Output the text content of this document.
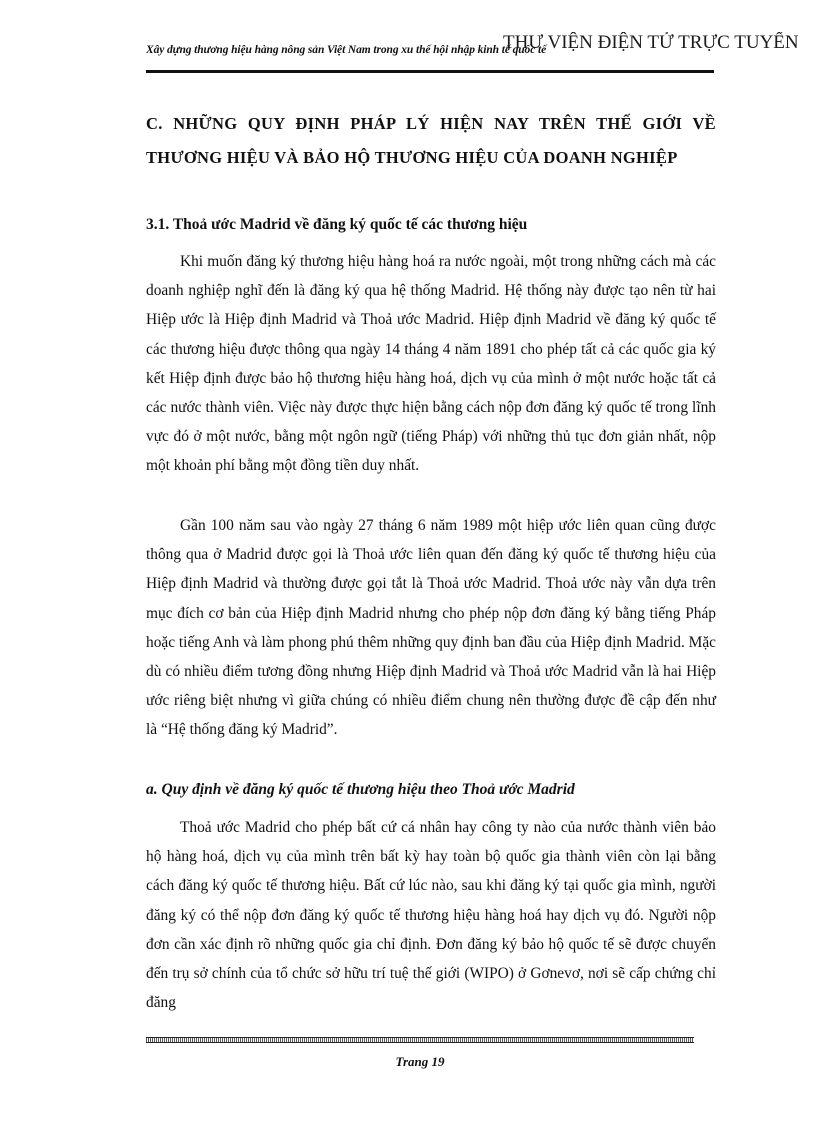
Xây dựng thương hiệu hàng nông sản Việt Nam trong xu thế hội nhập kinh tế quốc tế
THƯ VIỆN ĐIỆN TỬ TRỰC TUYẾN
C. NHỮNG QUY ĐỊNH PHÁP LÝ HIỆN NAY TRÊN THẾ GIỚI VỀ THƯƠNG HIỆU VÀ BẢO HỘ THƯƠNG HIỆU CỦA DOANH NGHIỆP
3.1. Thoả ước Madrid về đăng ký quốc tế các thương hiệu

Khi muốn đăng ký thương hiệu hàng hoá ra nước ngoài, một trong những cách mà các doanh nghiệp nghĩ đến là đăng ký qua hệ thống Madrid. Hệ thống này được tạo nên từ hai Hiệp ước là Hiệp định Madrid và Thoả ước Madrid. Hiệp định Madrid về đăng ký quốc tế các thương hiệu được thông qua ngày 14 tháng 4 năm 1891 cho phép tất cả các quốc gia ký kết Hiệp định được bảo hộ thương hiệu hàng hoá, dịch vụ của mình ở một nước hoặc tất cả các nước thành viên. Việc này được thực hiện bằng cách nộp đơn đăng ký quốc tế trong lĩnh vực đó ở một nước, bằng một ngôn ngữ (tiếng Pháp) với những thủ tục đơn giản nhất, nộp một khoản phí bằng một đồng tiền duy nhất.

Gần 100 năm sau vào ngày 27 tháng 6 năm 1989 một hiệp ước liên quan cũng được thông qua ở Madrid được gọi là Thoả ước liên quan đến đăng ký quốc tế thương hiệu của Hiệp định Madrid và thường được gọi tắt là Thoả ước Madrid. Thoả ước này vẫn dựa trên mục đích cơ bản của Hiệp định Madrid nhưng cho phép nộp đơn đăng ký bằng tiếng Pháp hoặc tiếng Anh và làm phong phú thêm những quy định ban đầu của Hiệp định Madrid. Mặc dù có nhiều điểm tương đồng nhưng Hiệp định Madrid và Thoả ước Madrid vẫn là hai Hiệp ước riêng biệt nhưng vì giữa chúng có nhiều điểm chung nên thường được đề cập đến như là “Hệ thống đăng ký Madrid”.

a. Quy định về đăng ký quốc tế thương hiệu theo Thoả ước Madrid

Thoả ước Madrid cho phép bất cứ cá nhân hay công ty nào của nước thành viên bảo hộ hàng hoá, dịch vụ của mình trên bất kỳ hay toàn bộ quốc gia thành viên còn lại bằng cách đăng ký quốc tế thương hiệu. Bất cứ lúc nào, sau khi đăng ký tại quốc gia mình, người đăng ký có thể nộp đơn đăng ký quốc tế thương hiệu hàng hoá hay dịch vụ đó. Người nộp đơn cần xác định rõ những quốc gia chỉ định. Đơn đăng ký bảo hộ quốc tế sẽ được chuyển đến trụ sở chính của tổ chức sở hữu trí tuệ thế giới (WIPO) ở Gơnevơ, nơi sẽ cấp chứng chỉ đăng

Trang 19
